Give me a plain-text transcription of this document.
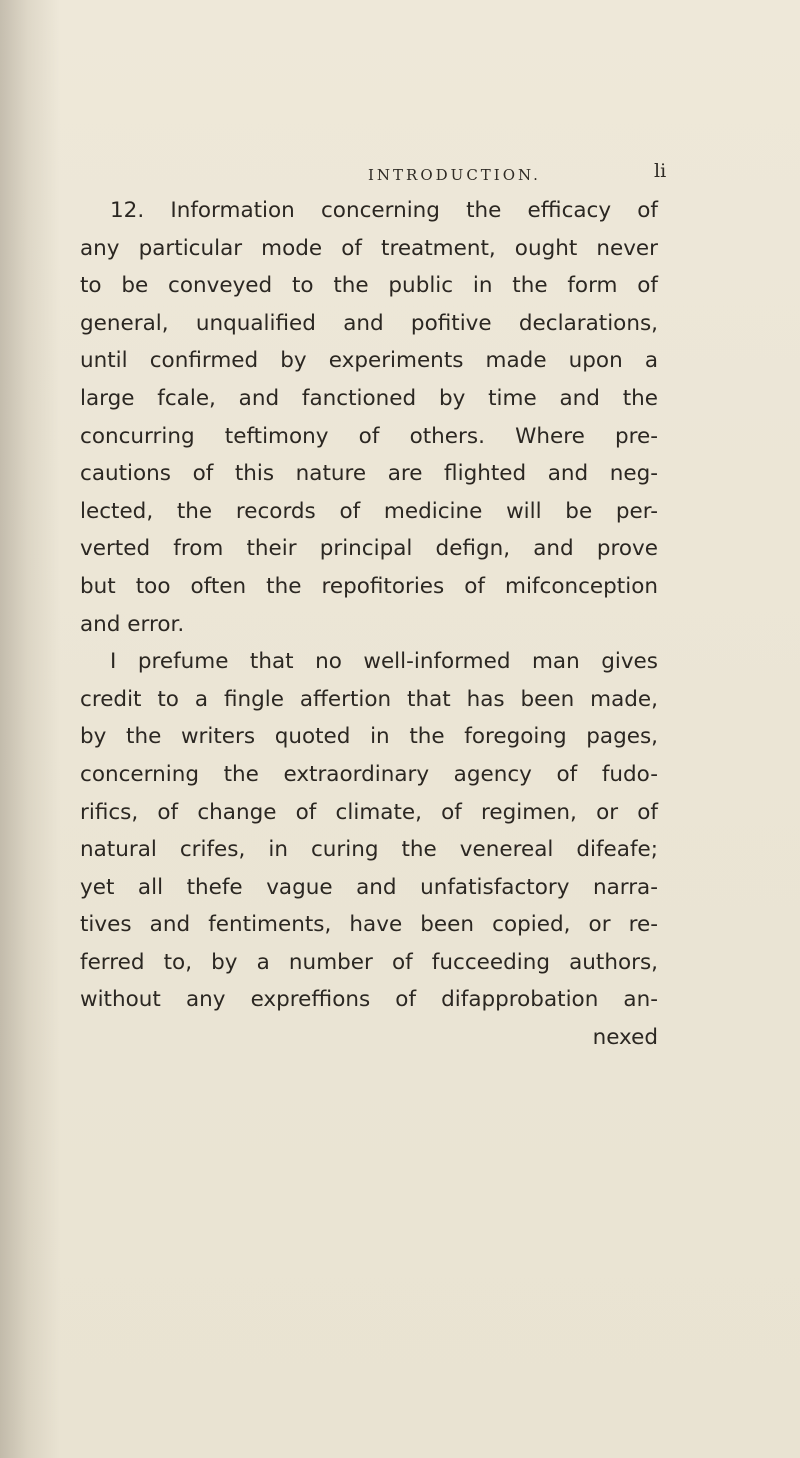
INTRODUCTION.	li
12. Information concerning the efficacy of
any particular mode of treatment, ought never
to be conveyed to the public in the form of
general, unqualified and pofitive declarations,
until confirmed by experiments made upon a
large fcale, and fanctioned by time and the
concurring teftimony of others. Where pre-
cautions of this nature are flighted and neg-
lected, the records of medicine will be per-
verted from their principal defign, and prove
but too often the repofitories of mifconception
and error.
I prefume that no well-informed man gives
credit to a fingle affertion that has been made,
by the writers quoted in the foregoing pages,
concerning the extraordinary agency of fudo-
rifics, of change of climate, of regimen, or of
natural crifes, in curing the venereal difeafe;
yet all thefe vague and unfatisfactory narra-
tives and fentiments, have been copied, or re-
ferred to, by a number of fucceeding authors,
without any expreffions of difapprobation an-
nexed
